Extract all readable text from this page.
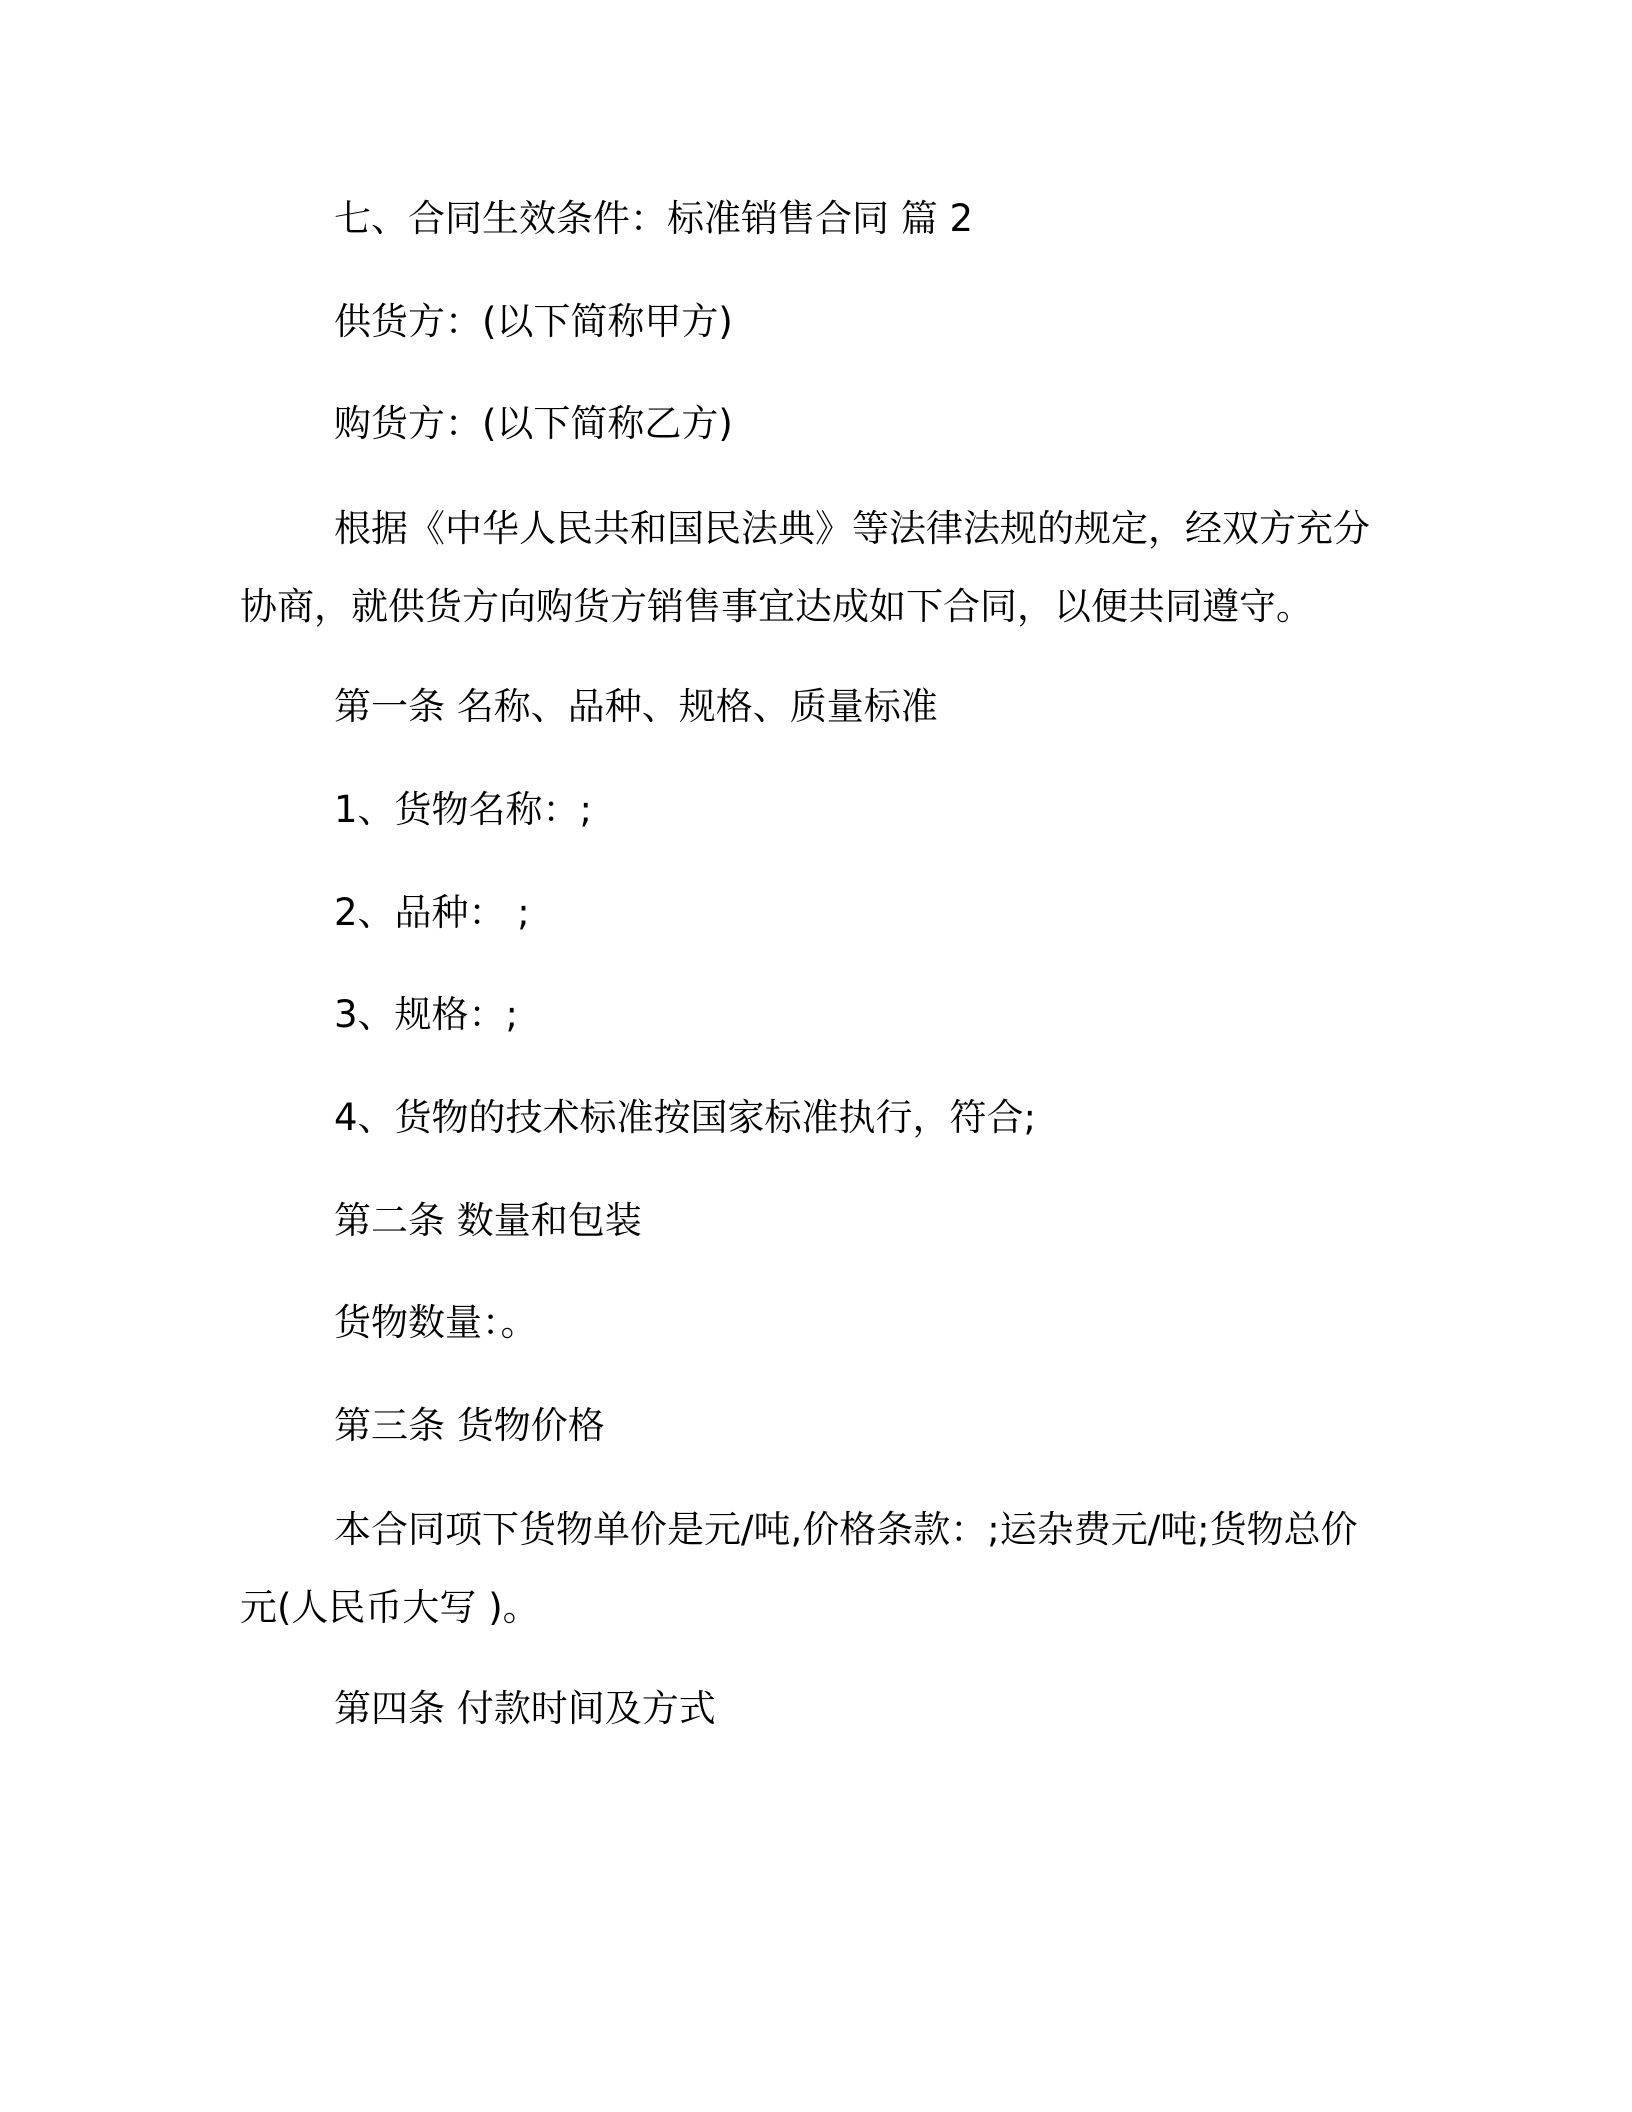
七、合同生效条件：标准销售合同 篇 2

供货方：(以下简称甲方)

购货方：(以下简称乙方)

根据《中华人民共和国民法典》等法律法规的规定，经双方充分协商，就供货方向购货方销售事宜达成如下合同，以便共同遵守。

第一条 名称、品种、规格、质量标准

1、货物名称：;

2、品种： ;

3、规格：;

4、货物的技术标准按国家标准执行，符合;

第二条 数量和包装

货物数量：。

第三条 货物价格

本合同项下货物单价是元/吨,价格条款：;运杂费元/吨;货物总价元(人民币大写 )。

第四条 付款时间及方式
